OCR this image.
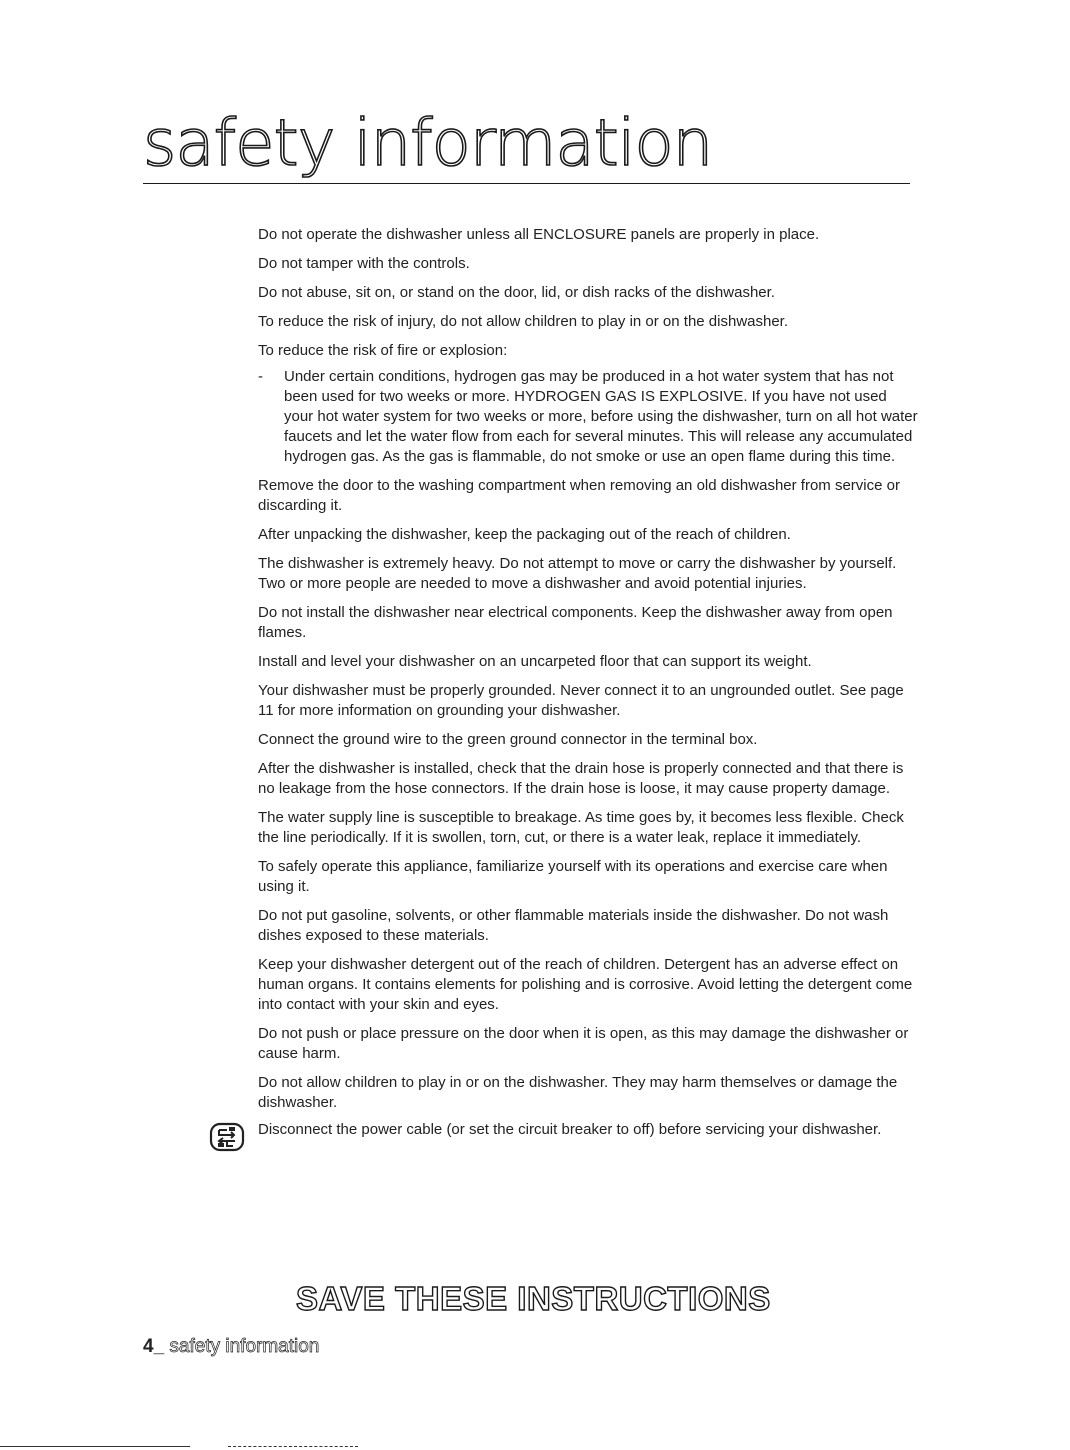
safety information

Do not operate the dishwasher unless all ENCLOSURE panels are properly in place.

Do not tamper with the controls.

Do not abuse, sit on, or stand on the door, lid, or dish racks of the dishwasher.

To reduce the risk of injury, do not allow children to play in or on the dishwasher.

To reduce the risk of fire or explosion:

- Under certain conditions, hydrogen gas may be produced in a hot water system that has not been used for two weeks or more. HYDROGEN GAS IS EXPLOSIVE. If you have not used your hot water system for two weeks or more, before using the dishwasher, turn on all hot water faucets and let the water flow from each for several minutes. This will release any accumulated hydrogen gas. As the gas is flammable, do not smoke or use an open flame during this time.

Remove the door to the washing compartment when removing an old dishwasher from service or discarding it.

After unpacking the dishwasher, keep the packaging out of the reach of children.

The dishwasher is extremely heavy. Do not attempt to move or carry the dishwasher by yourself. Two or more people are needed to move a dishwasher and avoid potential injuries.

Do not install the dishwasher near electrical components. Keep the dishwasher away from open flames.

Install and level your dishwasher on an uncarpeted floor that can support its weight.

Your dishwasher must be properly grounded. Never connect it to an ungrounded outlet. See page 11 for more information on grounding your dishwasher.

Connect the ground wire to the green ground connector in the terminal box.

After the dishwasher is installed, check that the drain hose is properly connected and that there is no leakage from the hose connectors. If the drain hose is loose, it may cause property damage.

The water supply line is susceptible to breakage. As time goes by, it becomes less flexible. Check the line periodically. If it is swollen, torn, cut, or there is a water leak, replace it immediately.

To safely operate this appliance, familiarize yourself with its operations and exercise care when using it.

Do not put gasoline, solvents, or other flammable materials inside the dishwasher. Do not wash dishes exposed to these materials.

Keep your dishwasher detergent out of the reach of children. Detergent has an adverse effect on human organs. It contains elements for polishing and is corrosive. Avoid letting the detergent come into contact with your skin and eyes.

Do not push or place pressure on the door when it is open, as this may damage the dishwasher or cause harm.

Do not allow children to play in or on the dishwasher. They may harm themselves or damage the dishwasher.

Disconnect the power cable (or set the circuit breaker to off) before servicing your dishwasher.
SAVE THESE INSTRUCTIONS
4_ safety information
